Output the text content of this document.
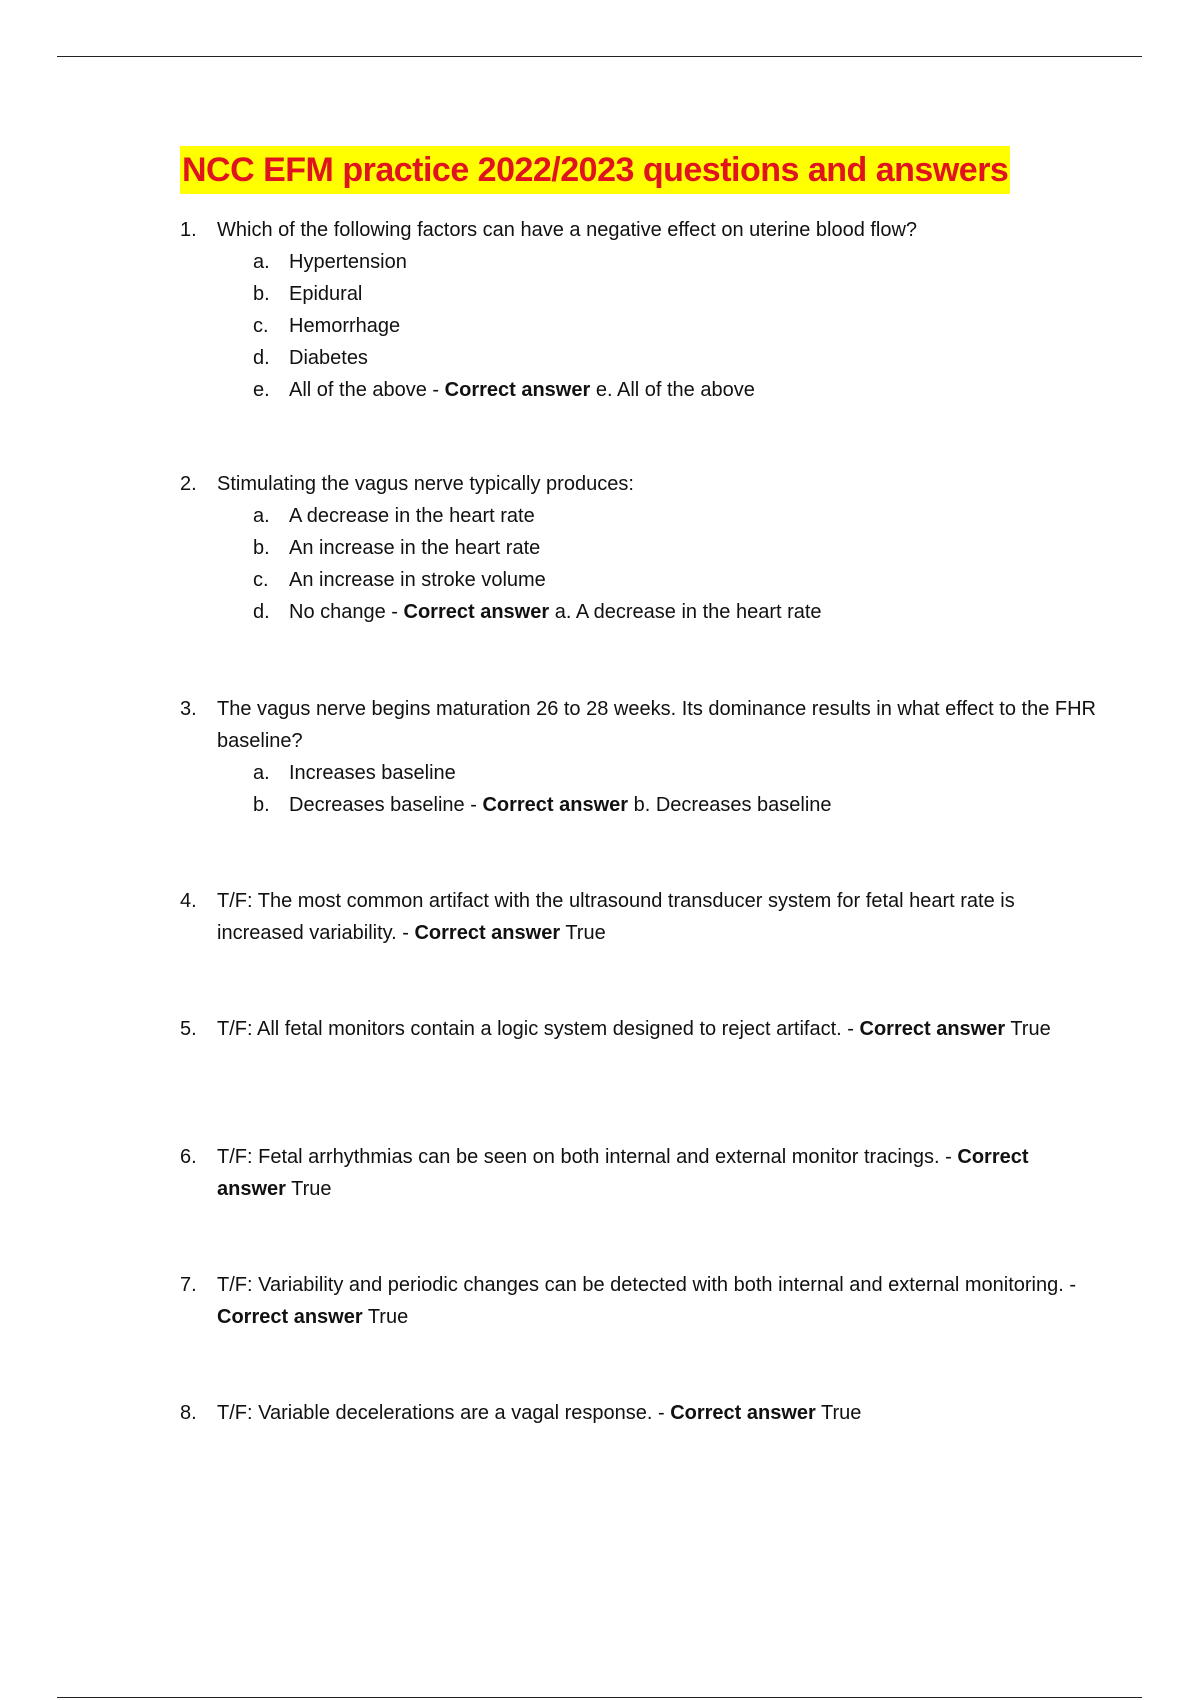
NCC EFM practice 2022/2023 questions and answers
1. Which of the following factors can have a negative effect on uterine blood flow?
a. Hypertension
b. Epidural
c. Hemorrhage
d. Diabetes
e. All of the above - Correct answer e. All of the above
2. Stimulating the vagus nerve typically produces:
a. A decrease in the heart rate
b. An increase in the heart rate
c. An increase in stroke volume
d. No change - Correct answer a. A decrease in the heart rate
3. The vagus nerve begins maturation 26 to 28 weeks. Its dominance results in what effect to the FHR baseline?
a. Increases baseline
b. Decreases baseline - Correct answer b. Decreases baseline
4. T/F: The most common artifact with the ultrasound transducer system for fetal heart rate is increased variability. - Correct answer True
5. T/F: All fetal monitors contain a logic system designed to reject artifact. - Correct answer True
6. T/F: Fetal arrhythmias can be seen on both internal and external monitor tracings. - Correct answer True
7. T/F: Variability and periodic changes can be detected with both internal and external monitoring. - Correct answer True
8. T/F: Variable decelerations are a vagal response. - Correct answer True
